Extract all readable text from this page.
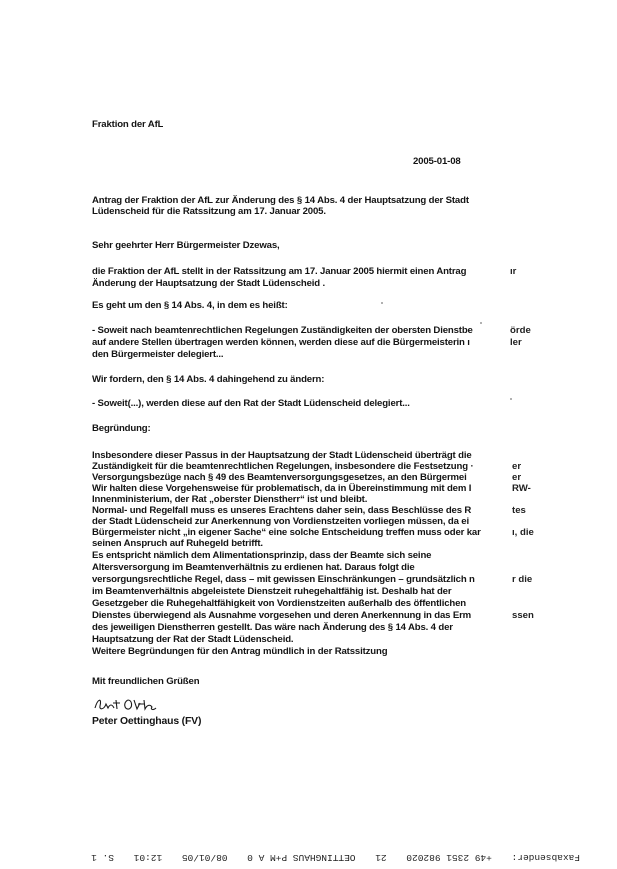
Fraktion der AfL
2005-01-08
Antrag der Fraktion der AfL zur Änderung des § 14 Abs. 4 der Hauptsatzung der Stadt
Lüdenscheid für die Ratssitzung am 17. Januar 2005.
Sehr geehrter Herr Bürgermeister Dzewas,
die Fraktion der AfL stellt in der Ratssitzung am 17. Januar 2005 hiermit einen Antrag	ır
Änderung der Hauptsatzung der Stadt Lüdenscheid .
Es geht um den § 14 Abs. 4, in dem es heißt:
- Soweit nach beamtenrechtlichen Regelungen Zuständigkeiten der obersten Dienstbe	örde
auf andere Stellen übertragen werden können, werden diese auf die Bürgermeisterin ı	ler
den Bürgermeister delegiert...
Wir fordern, den § 14 Abs. 4 dahingehend zu ändern:
- Soweit(...), werden diese auf den Rat der Stadt Lüdenscheid delegiert...
Begründung:
Insbesondere dieser Passus in der Hauptsatzung der Stadt Lüdenscheid überträgt die
Zuständigkeit für die beamtenrechtlichen Regelungen, insbesondere die Festsetzung ·
Versorgungsbezüge nach § 49 des Beamtenversorgungsgesetzes, an den Bürgermei
Wir halten diese Vorgehensweise für problematisch, da in Übereinstimmung mit dem I
Innenministerium, der Rat „oberster Dienstherr“ ist und bleibt.
Normal- und Regelfall muss es unseres Erachtens daher sein, dass Beschlüsse des R
der Stadt Lüdenscheid zur Anerkennung von Vordienstzeiten vorliegen müssen, da ei
Bürgermeister nicht „in eigener Sache“ eine solche Entscheidung treffen muss oder kar
seinen Anspruch auf Ruhegeld betrifft.
Es entspricht nämlich dem Alimentationsprinzip, dass der Beamte sich seine
Altersversorgung im Beamtenverhältnis zu erdienen hat. Daraus folgt die
versorgungsrechtliche Regel, dass – mit gewissen Einschränkungen – grundsätzlich n
im Beamtenverhältnis abgeleistete Dienstzeit ruhegehaltfähig ist. Deshalb hat der
Gesetzgeber die Ruhegehaltfähigkeit von Vordienstzeiten außerhalb des öffentlichen
Dienstes überwiegend als Ausnahme vorgesehen und deren Anerkennung in das Erm
des jeweiligen Dienstherren gestellt. Das wäre nach Änderung des § 14 Abs. 4 der
Hauptsatzung der Rat der Stadt Lüdenscheid.
Weitere Begründungen für den Antrag mündlich in der Ratssitzung
er
er
RW-
tes
ı, die
r die
ssen
Mit freundlichen Grüßen
Peter Oettinghaus (FV)
Faxabsender: +49 2351 982020 21 OETTINGHAUS P+M A 0 08/01/05 12:01 S. 1
